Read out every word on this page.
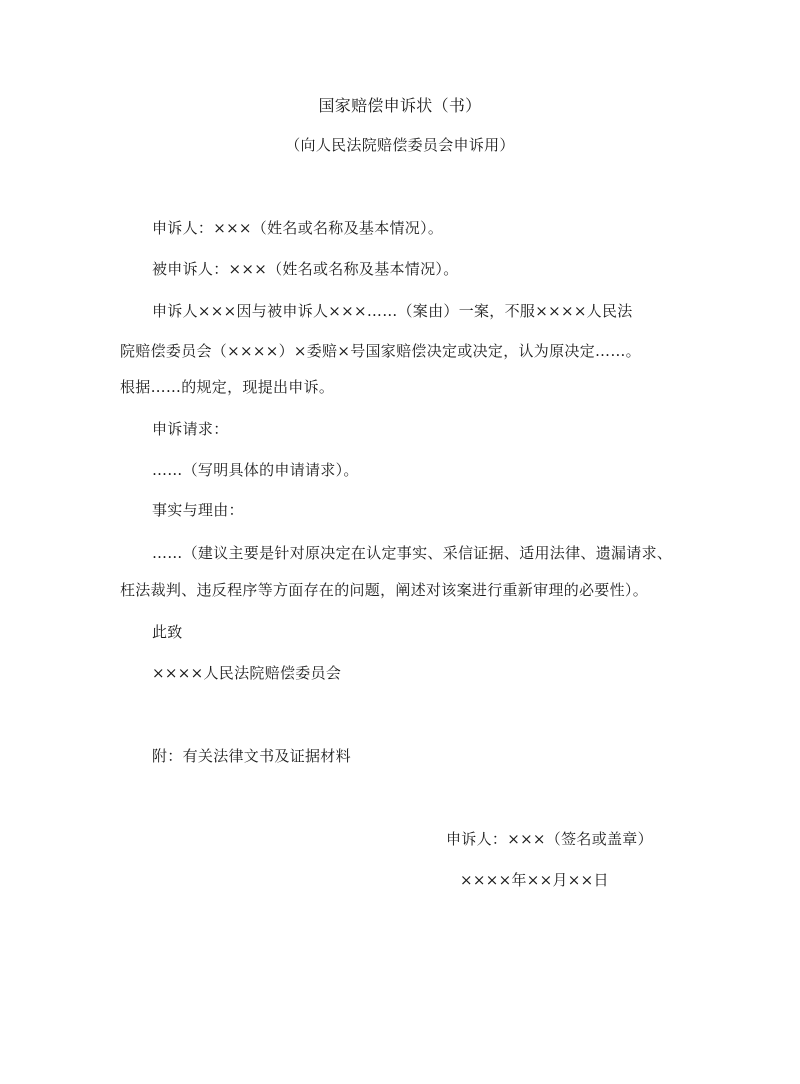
国家赔偿申诉状（书）
（向人民法院赔偿委员会申诉用）
申诉人：×××（姓名或名称及基本情况）。
被申诉人：×××（姓名或名称及基本情况）。
申诉人×××因与被申诉人×××……（案由）一案，不服××××人民法
院赔偿委员会（××××）×委赔×号国家赔偿决定或决定，认为原决定……。
根据……的规定，现提出申诉。
申诉请求：
……（写明具体的申请请求）。
事实与理由：
……（建议主要是针对原决定在认定事实、采信证据、适用法律、遗漏请求、
枉法裁判、违反程序等方面存在的问题，阐述对该案进行重新审理的必要性）。
此致
××××人民法院赔偿委员会
附：有关法律文书及证据材料
申诉人：×××（签名或盖章）
××××年××月××日
